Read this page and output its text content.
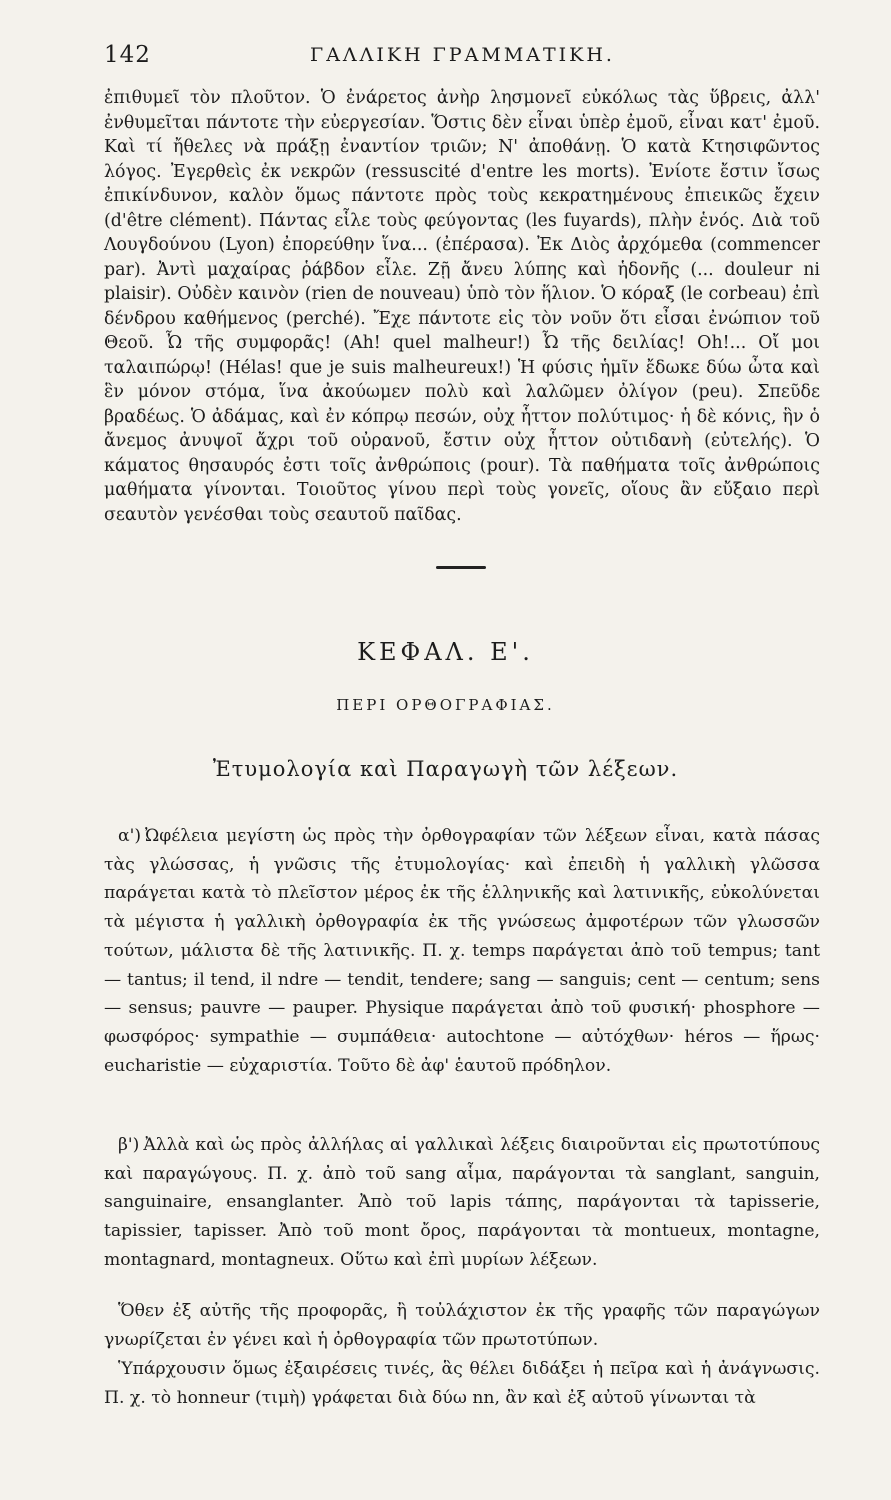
142	ΓΑΛΛΙΚΗ ΓΡΑΜΜΑΤΙΚΗ.

ἐπιθυμεῖ τὸν πλοῦτον. Ὁ ἐνάρετος ἀνὴρ λησμονεῖ εὐκόλως τὰς ὕβρεις, ἀλλ' ἐνθυμεῖται πάντοτε τὴν εὐεργεσίαν. Ὅστις δὲν εἶναι ὑπὲρ ἐμοῦ, εἶναι κατ' ἐμοῦ. Καὶ τί ἤθελες νὰ πράξῃ ἐναντίον τριῶν; Ν' ἀποθάνῃ. Ὁ κατὰ Κτησιφῶντος λόγος. Ἐγερθεὶς ἐκ νεκρῶν (ressuscité d'entre les morts). Ἐνίοτε ἔστιν ἴσως ἐπικίνδυνον, καλὸν ὅμως πάντοτε πρὸς τοὺς κεκρατημένους ἐπιεικῶς ἔχειν (d'être clément). Πάντας εἷλε τοὺς φεύγοντας (les fuyards), πλὴν ἑνός. Διὰ τοῦ Λουγδούνου (Lyon) ἐπορεύθην ἵνα... (ἐπέρασα). Ἐκ Διὸς ἀρχόμεθα (commencer par). Ἀντὶ μαχαίρας ῥάβδον εἷλε. Ζῇ ἄνευ λύπης καὶ ἡδονῆς (... douleur ni plaisir). Οὐδὲν καινὸν (rien de nouveau) ὑπὸ τὸν ἥλιον. Ὁ κόραξ (le corbeau) ἐπὶ δένδρου καθήμενος (perché). Ἔχε πάντοτε εἰς τὸν νοῦν ὅτι εἶσαι ἐνώπιον τοῦ Θεοῦ. Ὦ τῆς συμφορᾶς! (Ah! quel malheur!) Ὦ τῆς δειλίας! Oh!... Οἴ μοι ταλαιπώρῳ! (Hélas! que je suis malheureux!) Ἡ φύσις ἡμῖν ἔδωκε δύω ὦτα καὶ ἓν μόνον στόμα, ἵνα ἀκούωμεν πολὺ καὶ λαλῶμεν ὀλίγον (peu). Σπεῦδε βραδέως. Ὁ ἀδάμας, καὶ ἐν κόπρῳ πεσών, οὐχ ἧττον πολύτιμος· ἡ δὲ κόνις, ἣν ὁ ἄνεμος ἀνυψοῖ ἄχρι τοῦ οὐρανοῦ, ἔστιν οὐχ ἧττον οὐτιδανὴ (εὐτελής). Ὁ κάματος θησαυρός ἐστι τοῖς ἀνθρώποις (pour). Τὰ παθήματα τοῖς ἀνθρώποις μαθήματα γίνονται. Τοιοῦτος γίνου περὶ τοὺς γονεῖς, οἵους ἂν εὔξαιο περὶ σεαυτὸν γενέσθαι τοὺς σεαυτοῦ παῖδας.

ΚΕΦΑΛ. Ε'.
ΠΕΡΙ ΟΡΘΟΓΡΑΦΙΑΣ.
Ἐτυμολογία καὶ Παραγωγὴ τῶν λέξεων.

α') Ὠφέλεια μεγίστη ὡς πρὸς τὴν ὀρθογραφίαν τῶν λέξεων εἶναι, κατὰ πάσας τὰς γλώσσας, ἡ γνῶσις τῆς ἐτυμολογίας· καὶ ἐπειδὴ ἡ γαλλικὴ γλῶσσα παράγεται κατὰ τὸ πλεῖστον μέρος ἐκ τῆς ἑλληνικῆς καὶ λατινικῆς, εὐκολύνεται τὰ μέγιστα ἡ γαλλικὴ ὀρθογραφία ἐκ τῆς γνώσεως ἀμφοτέρων τῶν γλωσσῶν τούτων, μάλιστα δὲ τῆς λατινικῆς. Π. χ. temps παράγεται ἀπὸ τοῦ tempus; tant — tantus; il tend, il ndre — tendit, tendere; sang — sanguis; cent — centum; sens — sensus; pauvre — pauper. Physique παράγεται ἀπὸ τοῦ φυσική· phosphore — φωσφόρος· sympathie — συμπάθεια· autochtone — αὐτόχθων· héros — ἥρως· eucharistie — εὐχαριστία. Τοῦτο δὲ ἀφ' ἑαυτοῦ πρόδηλον.

β') Ἀλλὰ καὶ ὡς πρὸς ἀλλήλας αἱ γαλλικαὶ λέξεις διαιροῦνται εἰς πρωτοτύπους καὶ παραγώγους. Π. χ. ἀπὸ τοῦ sang αἷμα, παράγονται τὰ sanglant, sanguin, sanguinaire, ensanglanter. Ἀπὸ τοῦ lapis τάπης, παράγονται τὰ tapisserie, tapissier, tapisser. Ἀπὸ τοῦ mont ὄρος, παράγονται τὰ montueux, montagne, montagnard, montagneux. Οὕτω καὶ ἐπὶ μυρίων λέξεων.

Ὅθεν ἐξ αὐτῆς τῆς προφορᾶς, ἢ τοὐλάχιστον ἐκ τῆς γραφῆς τῶν παραγώγων γνωρίζεται ἐν γένει καὶ ἡ ὀρθογραφία τῶν πρωτοτύπων.

Ὑπάρχουσιν ὅμως ἐξαιρέσεις τινές, ἃς θέλει διδάξει ἡ πεῖρα καὶ ἡ ἀνάγνωσις. Π. χ. τὸ honneur (τιμὴ) γράφεται διὰ δύω nn, ἂν καὶ ἐξ αὐτοῦ γίνωνται τὰ
